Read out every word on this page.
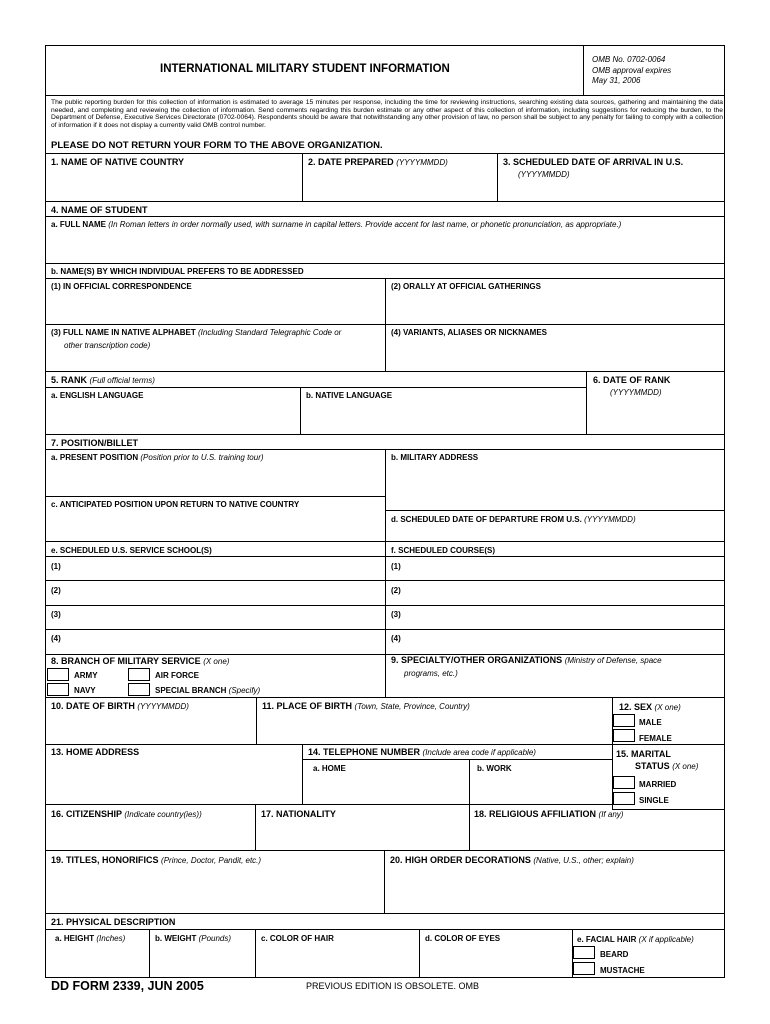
INTERNATIONAL MILITARY STUDENT INFORMATION
OMB No. 0702-0064
OMB approval expires
May 31, 2006
The public reporting burden for this collection of information is estimated to average 15 minutes per response, including the time for reviewing instructions, searching existing data sources, gathering and maintaining the data needed, and completing and reviewing the collection of information. Send comments regarding this burden estimate or any other aspect of this collection of information, including suggestions for reducing the burden, to the Department of Defense, Executive Services Directorate (0702-0064). Respondents should be aware that notwithstanding any other provision of law, no person shall be subject to any penalty for failing to comply with a collection of information if it does not display a currently valid OMB control number.
PLEASE DO NOT RETURN YOUR FORM TO THE ABOVE ORGANIZATION.
1. NAME OF NATIVE COUNTRY	2. DATE PREPARED (YYYYMMDD)	3. SCHEDULED DATE OF ARRIVAL IN U.S.
(YYYYMMDD)
4. NAME OF STUDENT
a. FULL NAME (In Roman letters in order normally used, with surname in capital letters. Provide accent for last name, or phonetic pronunciation, as appropriate.)
b. NAME(S) BY WHICH INDIVIDUAL PREFERS TO BE ADDRESSED
(1) IN OFFICIAL CORRESPONDENCE	(2) ORALLY AT OFFICIAL GATHERINGS
(3) FULL NAME IN NATIVE ALPHABET (Including Standard Telegraphic Code or
other transcription code)
(4) VARIANTS, ALIASES OR NICKNAMES
5. RANK (Full official terms)
a. ENGLISH LANGUAGE	b. NATIVE LANGUAGE
6. DATE OF RANK
(YYYYMMDD)
7. POSITION/BILLET
a. PRESENT POSITION (Position prior to U.S. training tour)	b. MILITARY ADDRESS
c. ANTICIPATED POSITION UPON RETURN TO NATIVE COUNTRY
d. SCHEDULED DATE OF DEPARTURE FROM U.S. (YYYYMMDD)
e. SCHEDULED U.S. SERVICE SCHOOL(S)	f. SCHEDULED COURSE(S)
(1)	(1)
(2)	(2)
(3)	(3)
(4)	(4)
8. BRANCH OF MILITARY SERVICE (X one)
ARMY	AIR FORCE
NAVY	SPECIAL BRANCH (Specify)
9. SPECIALTY/OTHER ORGANIZATIONS (Ministry of Defense, space
programs, etc.)
10. DATE OF BIRTH (YYYYMMDD)	11. PLACE OF BIRTH (Town, State, Province, Country)	12. SEX (X one)
MALE
FEMALE
13. HOME ADDRESS	14. TELEPHONE NUMBER (Include area code if applicable)
a. HOME	b. WORK
15. MARITAL
STATUS (X one)
MARRIED
SINGLE
16. CITIZENSHIP (Indicate country(ies))	17. NATIONALITY	18. RELIGIOUS AFFILIATION (If any)
19. TITLES, HONORIFICS (Prince, Doctor, Pandit, etc.)	20. HIGH ORDER DECORATIONS (Native, U.S., other; explain)
21. PHYSICAL DESCRIPTION
a. HEIGHT (Inches)	b. WEIGHT (Pounds)	c. COLOR OF HAIR	d. COLOR OF EYES	e. FACIAL HAIR (X if applicable)
BEARD
MUSTACHE
DD FORM 2339, JUN 2005	PREVIOUS EDITION IS OBSOLETE. OMB
